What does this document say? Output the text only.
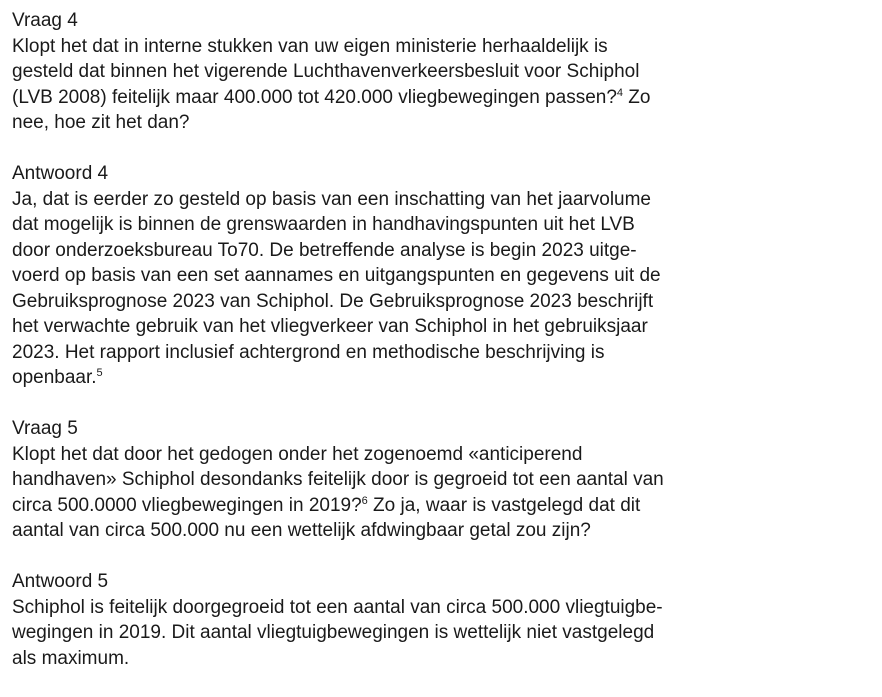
Vraag 4
Klopt het dat in interne stukken van uw eigen ministerie herhaaldelijk is
gesteld dat binnen het vigerende Luchthavenverkeersbesluit voor Schiphol
(LVB 2008) feitelijk maar 400.000 tot 420.000 vliegbewegingen passen?$^4$ Zo
nee, hoe zit het dan?
Antwoord 4
Ja, dat is eerder zo gesteld op basis van een inschatting van het jaarvolume
dat mogelijk is binnen de grenswaarden in handhavingspunten uit het LVB
door onderzoeksbureau To70. De betreffende analyse is begin 2023 uitge-
voerd op basis van een set aannames en uitgangspunten en gegevens uit de
Gebruiksprognose 2023 van Schiphol. De Gebruiksprognose 2023 beschrijft
het verwachte gebruik van het vliegverkeer van Schiphol in het gebruiksjaar
2023. Het rapport inclusief achtergrond en methodische beschrijving is
openbaar.$^5$
Vraag 5
Klopt het dat door het gedogen onder het zogenoemd «anticiperend
handhaven» Schiphol desondanks feitelijk door is gegroeid tot een aantal van
circa 500.0000 vliegbewegingen in 2019?$^6$ Zo ja, waar is vastgelegd dat dit
aantal van circa 500.000 nu een wettelijk afdwingbaar getal zou zijn?
Antwoord 5
Schiphol is feitelijk doorgegroeid tot een aantal van circa 500.000 vliegtuigbe-
wegingen in 2019. Dit aantal vliegtuigbewegingen is wettelijk niet vastgelegd
als maximum.
